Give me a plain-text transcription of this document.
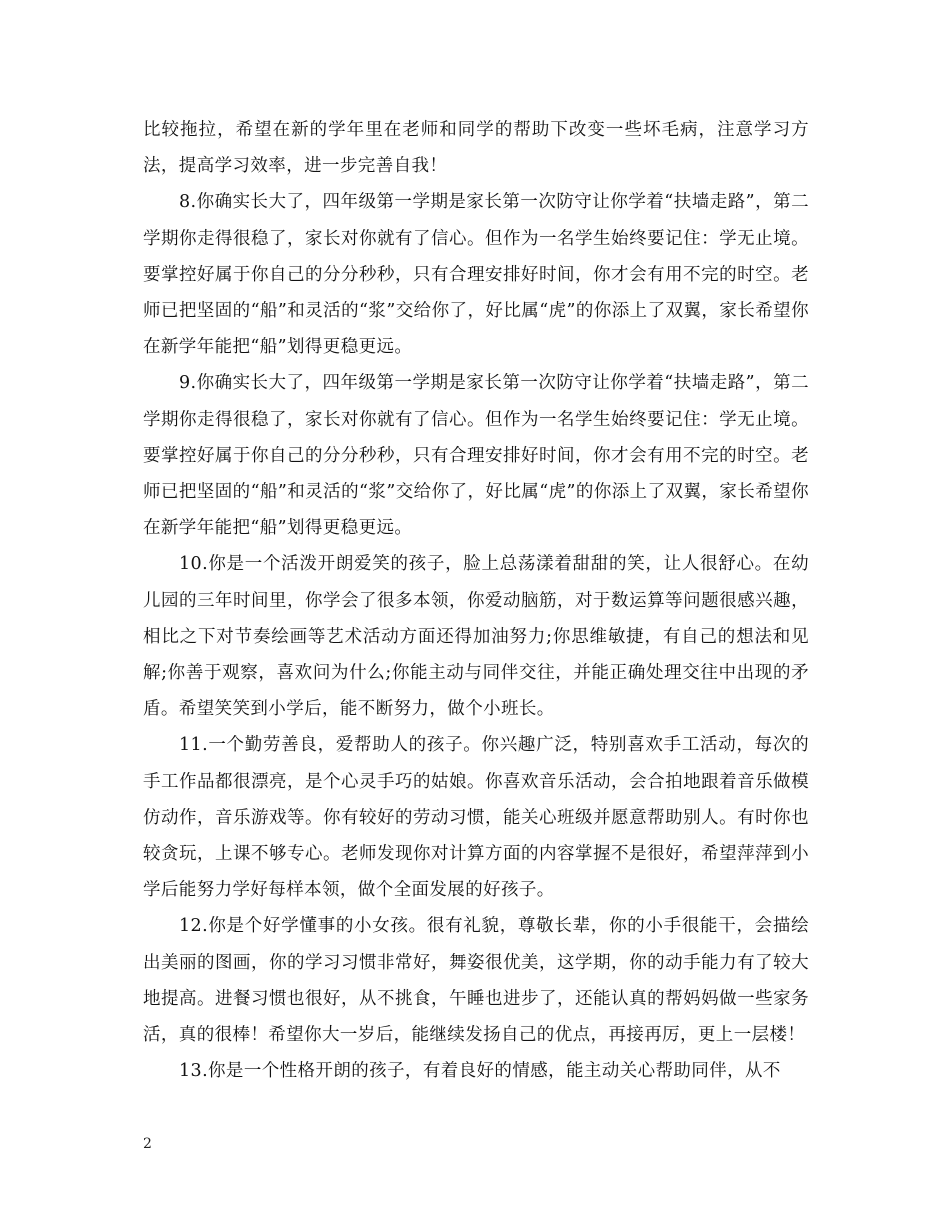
比较拖拉，希望在新的学年里在老师和同学的帮助下改变一些坏毛病，注意学习方法，提高学习效率，进一步完善自我！

8.你确实长大了，四年级第一学期是家长第一次防守让你学着“扶墙走路”，第二学期你走得很稳了，家长对你就有了信心。但作为一名学生始终要记住：学无止境。要掌控好属于你自己的分分秒秒，只有合理安排好时间，你才会有用不完的时空。老师已把坚固的“船”和灵活的“浆”交给你了，好比属“虎”的你添上了双翼，家长希望你在新学年能把“船”划得更稳更远。

9.你确实长大了，四年级第一学期是家长第一次防守让你学着“扶墙走路”，第二学期你走得很稳了，家长对你就有了信心。但作为一名学生始终要记住：学无止境。要掌控好属于你自己的分分秒秒，只有合理安排好时间，你才会有用不完的时空。老师已把坚固的“船”和灵活的“浆”交给你了，好比属“虎”的你添上了双翼，家长希望你在新学年能把“船”划得更稳更远。

10.你是一个活泼开朗爱笑的孩子，脸上总荡漾着甜甜的笑，让人很舒心。在幼儿园的三年时间里，你学会了很多本领，你爱动脑筋，对于数运算等问题很感兴趣，相比之下对节奏绘画等艺术活动方面还得加油努力;你思维敏捷，有自己的想法和见解;你善于观察，喜欢问为什么;你能主动与同伴交往，并能正确处理交往中出现的矛盾。希望笑笑到小学后，能不断努力，做个小班长。

11.一个勤劳善良，爱帮助人的孩子。你兴趣广泛，特别喜欢手工活动，每次的手工作品都很漂亮，是个心灵手巧的姑娘。你喜欢音乐活动，会合拍地跟着音乐做模仿动作，音乐游戏等。你有较好的劳动习惯，能关心班级并愿意帮助别人。有时你也较贪玩，上课不够专心。老师发现你对计算方面的内容掌握不是很好，希望萍萍到小学后能努力学好每样本领，做个全面发展的好孩子。

12.你是个好学懂事的小女孩。很有礼貌，尊敬长辈，你的小手很能干，会描绘出美丽的图画，你的学习习惯非常好，舞姿很优美，这学期，你的动手能力有了较大地提高。进餐习惯也很好，从不挑食，午睡也进步了，还能认真的帮妈妈做一些家务活，真的很棒！希望你大一岁后，能继续发扬自己的优点，再接再厉，更上一层楼！

13.你是一个性格开朗的孩子，有着良好的情感，能主动关心帮助同伴，从不

2
